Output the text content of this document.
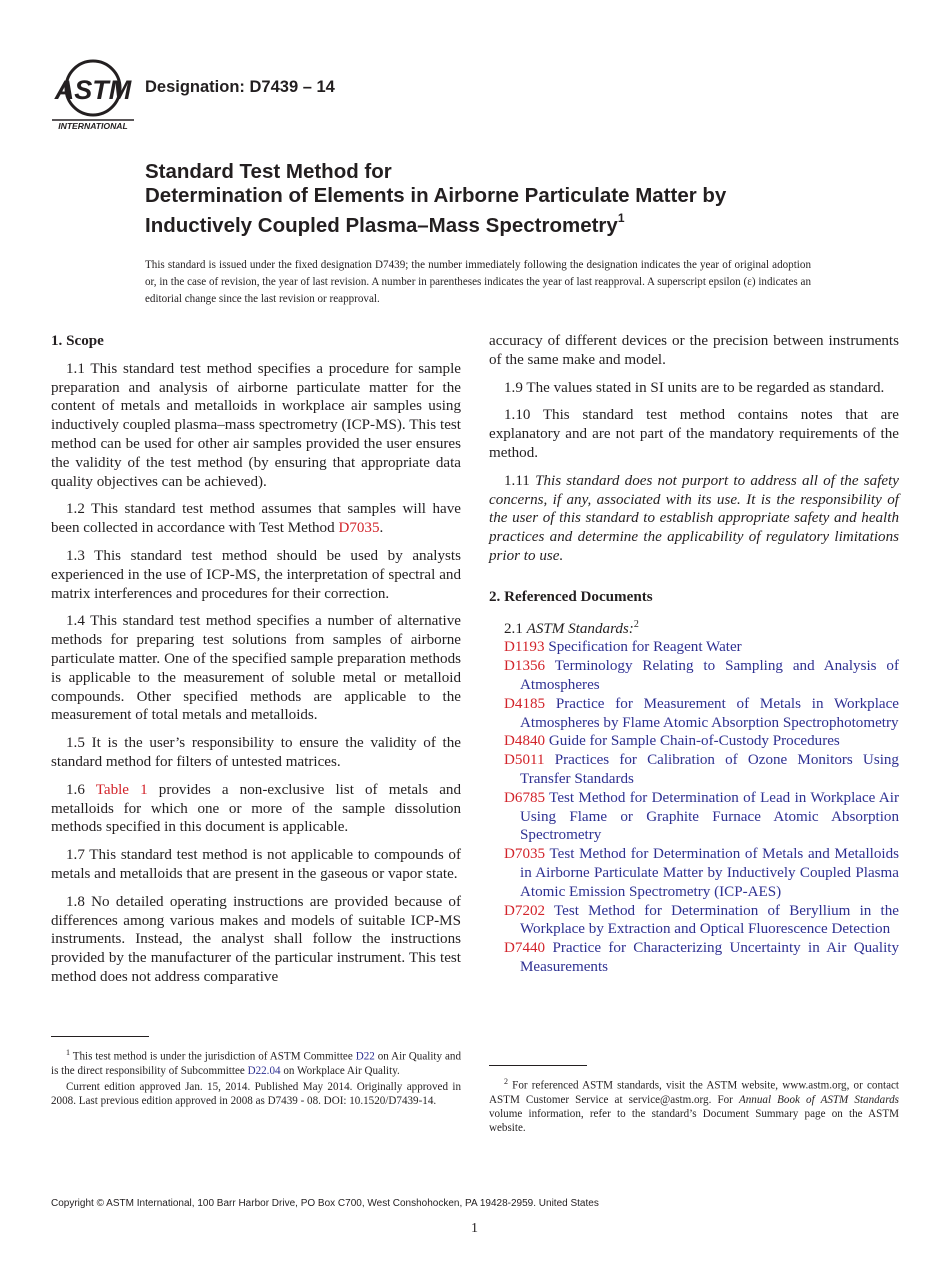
ASTM
INTERNATIONAL
Designation: D7439 – 14
Standard Test Method for
Determination of Elements in Airborne Particulate Matter by
Inductively Coupled Plasma–Mass Spectrometry$^1$
This standard is issued under the fixed designation D7439; the number immediately following the designation indicates the year of original adoption or, in the case of revision, the year of last revision. A number in parentheses indicates the year of last reapproval. A superscript epsilon (ε) indicates an editorial change since the last revision or reapproval.
1. Scope

1.1 This standard test method specifies a procedure for sample preparation and analysis of airborne particulate matter for the content of metals and metalloids in workplace air samples using inductively coupled plasma–mass spectrometry (ICP-MS). This test method can be used for other air samples provided the user ensures the validity of the test method (by ensuring that appropriate data quality objectives can be achieved).

1.2 This standard test method assumes that samples will have been collected in accordance with Test Method D7035.

1.3 This standard test method should be used by analysts experienced in the use of ICP-MS, the interpretation of spectral and matrix interferences and procedures for their correction.

1.4 This standard test method specifies a number of alternative methods for preparing test solutions from samples of airborne particulate matter. One of the specified sample preparation methods is applicable to the measurement of soluble metal or metalloid compounds. Other specified methods are applicable to the measurement of total metals and metalloids.

1.5 It is the user’s responsibility to ensure the validity of the standard method for filters of untested matrices.

1.6 Table 1 provides a non-exclusive list of metals and metalloids for which one or more of the sample dissolution methods specified in this document is applicable.

1.7 This standard test method is not applicable to compounds of metals and metalloids that are present in the gaseous or vapor state.

1.8 No detailed operating instructions are provided because of differences among various makes and models of suitable ICP-MS instruments. Instead, the analyst shall follow the instructions provided by the manufacturer of the particular instrument. This test method does not address comparative

accuracy of different devices or the precision between instruments of the same make and model.

1.9 The values stated in SI units are to be regarded as standard.

1.10 This standard test method contains notes that are explanatory and are not part of the mandatory requirements of the method.

1.11 This standard does not purport to address all of the safety concerns, if any, associated with its use. It is the responsibility of the user of this standard to establish appropriate safety and health practices and determine the applicability of regulatory limitations prior to use.

2. Referenced Documents

2.1 ASTM Standards:$^2$

D1193 Specification for Reagent Water

D1356 Terminology Relating to Sampling and Analysis of Atmospheres

D4185 Practice for Measurement of Metals in Workplace Atmospheres by Flame Atomic Absorption Spectrophotometry

D4840 Guide for Sample Chain-of-Custody Procedures

D5011 Practices for Calibration of Ozone Monitors Using Transfer Standards

D6785 Test Method for Determination of Lead in Workplace Air Using Flame or Graphite Furnace Atomic Absorption Spectrometry

D7035 Test Method for Determination of Metals and Metalloids in Airborne Particulate Matter by Inductively Coupled Plasma Atomic Emission Spectrometry (ICP-AES)

D7202 Test Method for Determination of Beryllium in the Workplace by Extraction and Optical Fluorescence Detection

D7440 Practice for Characterizing Uncertainty in Air Quality Measurements

$^1$ This test method is under the jurisdiction of ASTM Committee D22 on Air Quality and is the direct responsibility of Subcommittee D22.04 on Workplace Air Quality.

Current edition approved Jan. 15, 2014. Published May 2014. Originally approved in 2008. Last previous edition approved in 2008 as D7439 - 08. DOI: 10.1520/D7439-14.

$^2$ For referenced ASTM standards, visit the ASTM website, www.astm.org, or contact ASTM Customer Service at service@astm.org. For Annual Book of ASTM Standards volume information, refer to the standard’s Document Summary page on the ASTM website.

Copyright © ASTM International, 100 Barr Harbor Drive, PO Box C700, West Conshohocken, PA 19428-2959. United States
1
